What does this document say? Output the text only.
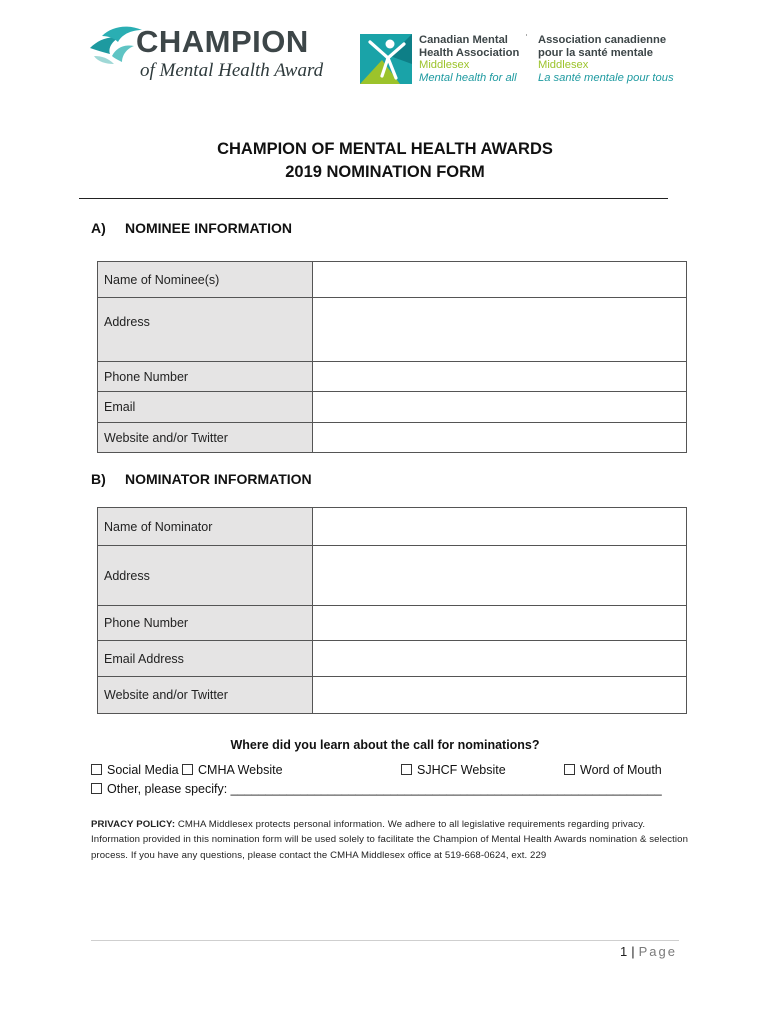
CHAMPION
of Mental Health Award
Canadian Mental
Health Association
Middlesex
Mental health for all
Association canadienne
pour la santé mentale
Middlesex
La santé mentale pour tous
CHAMPION OF MENTAL HEALTH AWARDS
2019 NOMINATION FORM
A) NOMINEE INFORMATION
Name of Nominee(s)	
Address	
Phone Number	
Email	
Website and/or Twitter	
B) NOMINATOR INFORMATION
Name of Nominator	
Address	
Phone Number	
Email Address	
Website and/or Twitter	
Where did you learn about the call for nominations?
Social Media	CMHA Website	SJHCF Website	Word of Mouth
Other, please specify: ______________________________________________________________
PRIVACY POLICY: CMHA Middlesex protects personal information. We adhere to all legislative requirements regarding privacy. Information provided in this nomination form will be used solely to facilitate the Champion of Mental Health Awards nomination & selection process. If you have any questions, please contact the CMHA Middlesex office at 519-668-0624, ext. 229
1 | Page
